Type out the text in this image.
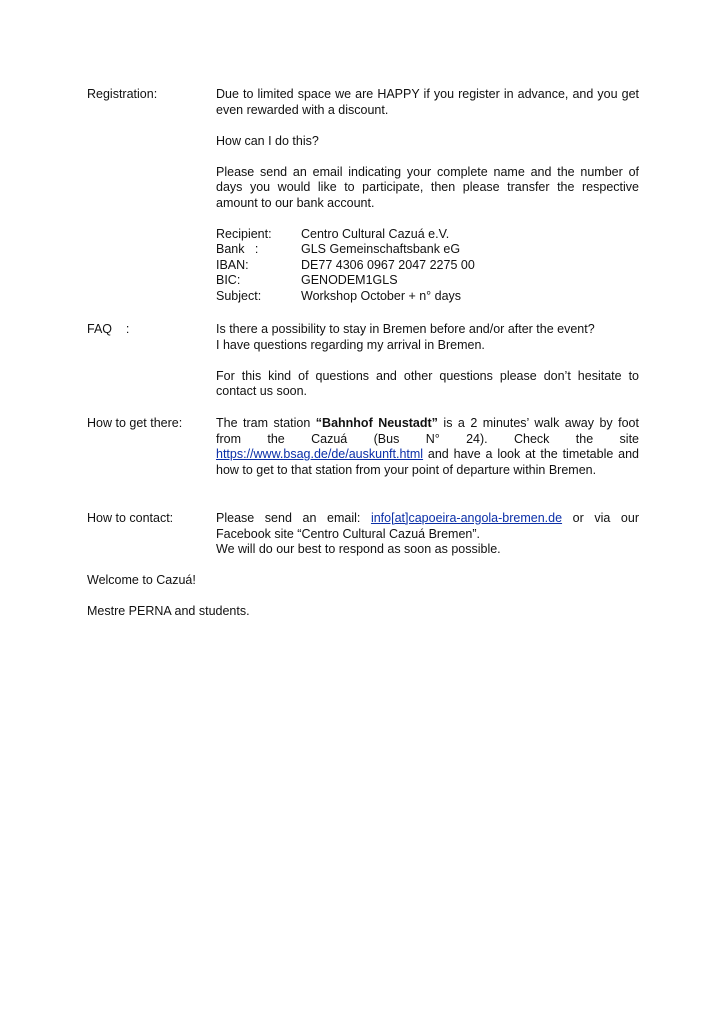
Registration:	Due to limited space we are HAPPY if you register in advance, and you get even rewarded with a discount.

How can I do this?

Please send an email indicating your complete name and the number of days you would like to participate, then please transfer the respective amount to our bank account.

Recipient:	Centro Cultural Cazuá e.V.
Bank   :	GLS Gemeinschaftsbank eG
IBAN:	DE77 4306 0967 2047 2275 00
BIC:	GENODEM1GLS
Subject:	Workshop October + n° days
FAQ    :	Is there a possibility to stay in Bremen before and/or after the event?

I have questions regarding my arrival in Bremen.

For this kind of questions and other questions please don’t hesitate to contact us soon.

How to get there:	The tram station “Bahnhof Neustadt” is a 2 minutes’ walk away by foot from the Cazuá (Bus N° 24). Check the site https://www.bsag.de/de/auskunft.html and have a look at the timetable and how to get to that station from your point of departure within Bremen.

How to contact:	Please send an email: info[at]capoeira-angola-bremen.de or via our Facebook site “Centro Cultural Cazuá Bremen”.

We will do our best to respond as soon as possible.

Welcome to Cazuá!
Mestre PERNA and students.
